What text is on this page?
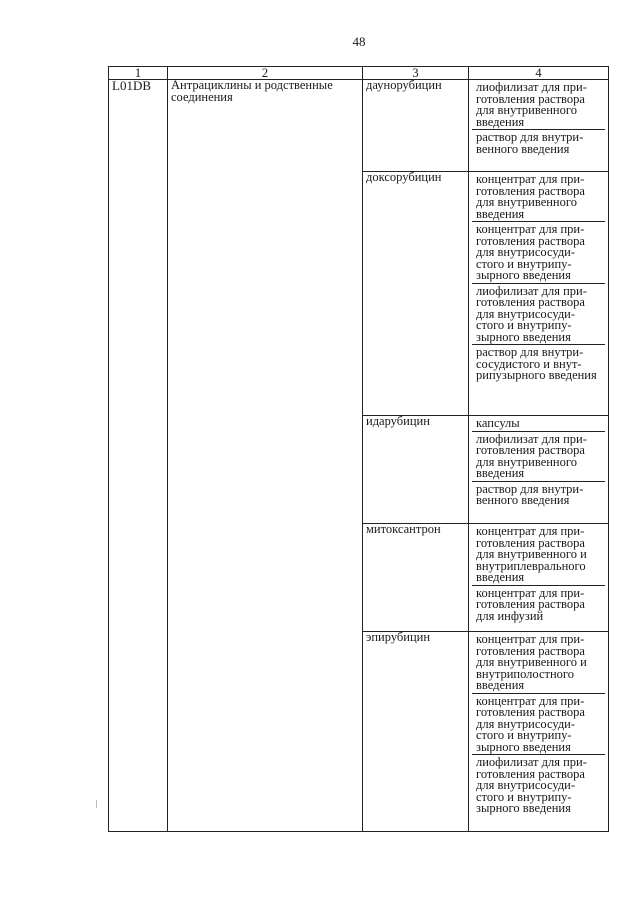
48
1	2	3	4
L01DB	Антрациклины и родственные соединения	даунорубицин	лиофилизат для при-готовления раствора для внутривенного введения
раствор для внутри-венного введения

		доксорубицин	концентрат для при-готовления раствора для внутривенного введения
концентрат для при-готовления раствора для внутрисосуди-стого и внутрипу-зырного введения
лиофилизат для при-готовления раствора для внутрисосуди-стого и внутрипу-зырного введения
раствор для внутри-сосудистого и внут-рипузырного введения

		идарубицин	капсулы
лиофилизат для при-готовления раствора для внутривенного введения
раствор для внутри-венного введения

		митоксантрон	концентрат для при-готовления раствора для внутривенного и внутриплеврального введения
концентрат для при-готовления раствора для инфузий

		эпирубицин	концентрат для при-готовления раствора для внутривенного и внутриполостного введения
концентрат для при-готовления раствора для внутрисосуди-стого и внутрипу-зырного введения
лиофилизат для при-готовления раствора для внутрисосуди-стого и внутрипу-зырного введения
